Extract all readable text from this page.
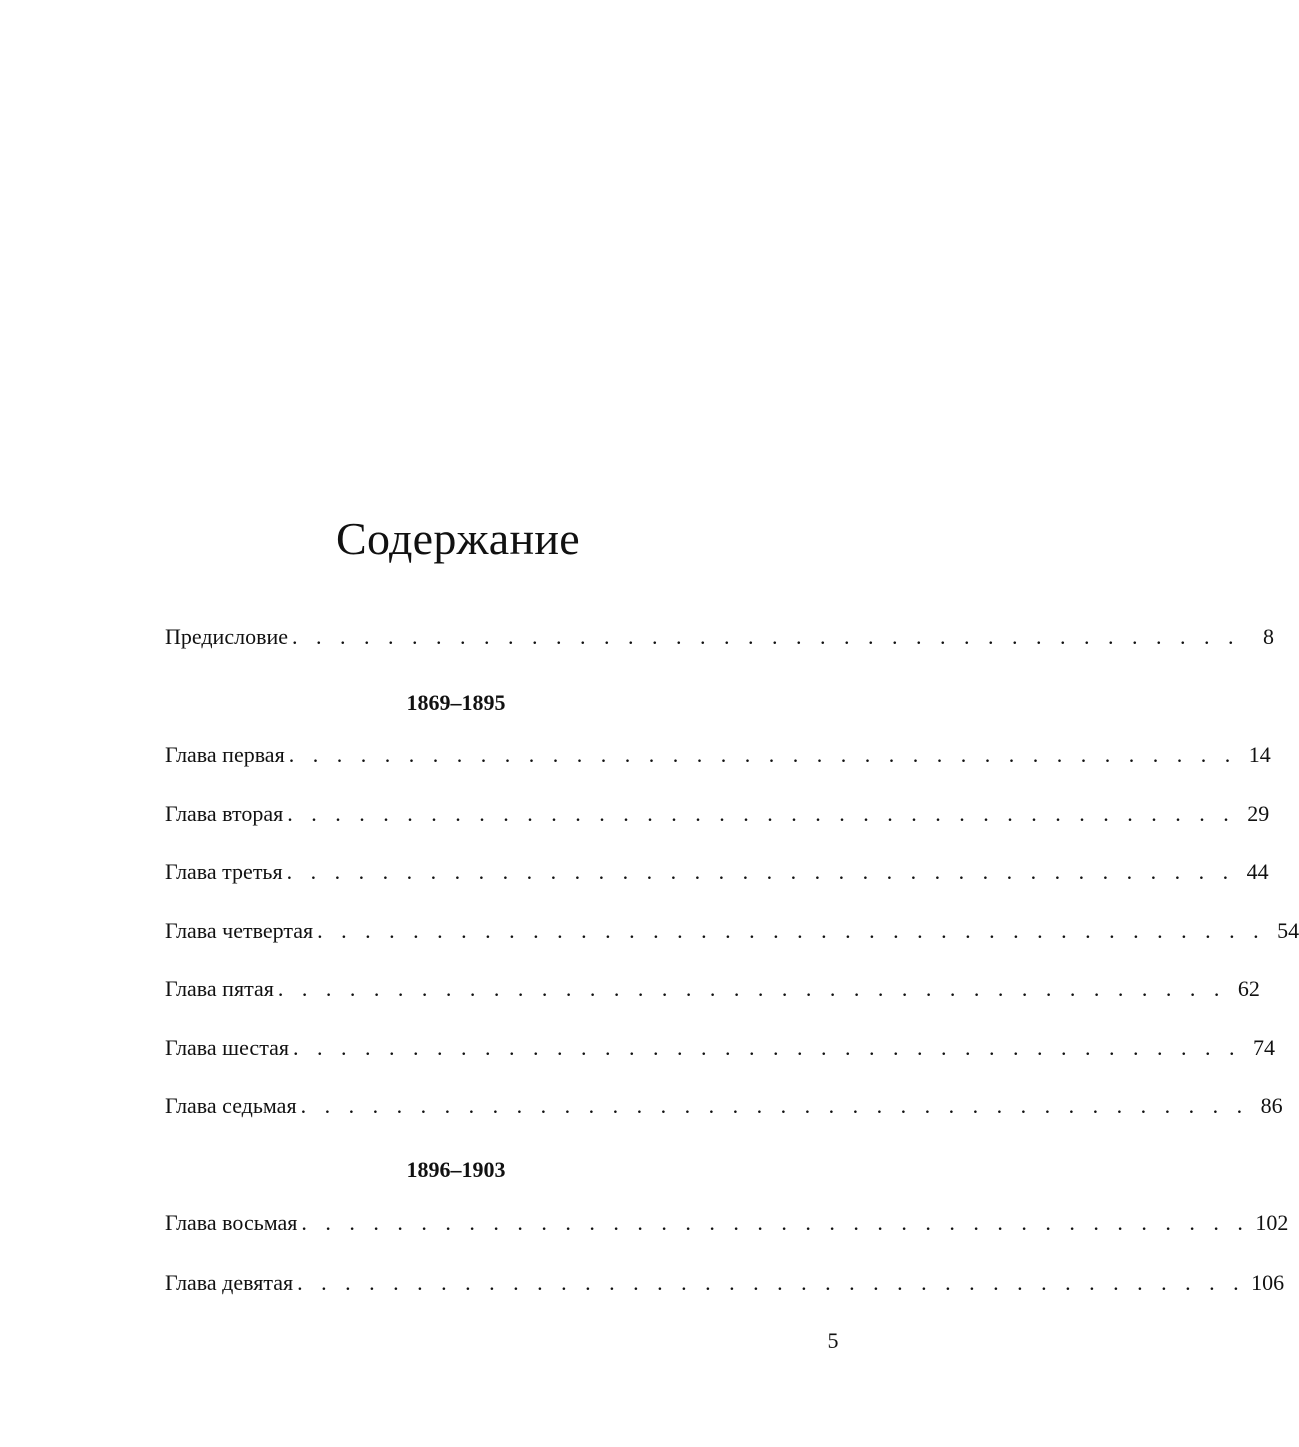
Содержание
Предисловие . . . . . . . . . . . . . . . . . . . . . . . . . . . . . . . . . . . . . . . .	8
1869–1895
Глава первая . . . . . . . . . . . . . . . . . . . . . . . . . . . . . . . . . . . . . . . . 14
Глава вторая . . . . . . . . . . . . . . . . . . . . . . . . . . . . . . . . . . . . . . . . 29
Глава третья . . . . . . . . . . . . . . . . . . . . . . . . . . . . . . . . . . . . . . . . 44
Глава четвертая . . . . . . . . . . . . . . . . . . . . . . . . . . . . . . . . . . . . . . . . 54
Глава пятая . . . . . . . . . . . . . . . . . . . . . . . . . . . . . . . . . . . . . . . . 62
Глава шестая . . . . . . . . . . . . . . . . . . . . . . . . . . . . . . . . . . . . . . . . 74
Глава седьмая . . . . . . . . . . . . . . . . . . . . . . . . . . . . . . . . . . . . . . . . 86
1896–1903
Глава восьмая . . . . . . . . . . . . . . . . . . . . . . . . . . . . . . . . . . . . . . . . 102
Глава девятая . . . . . . . . . . . . . . . . . . . . . . . . . . . . . . . . . . . . . . . . 106
5
